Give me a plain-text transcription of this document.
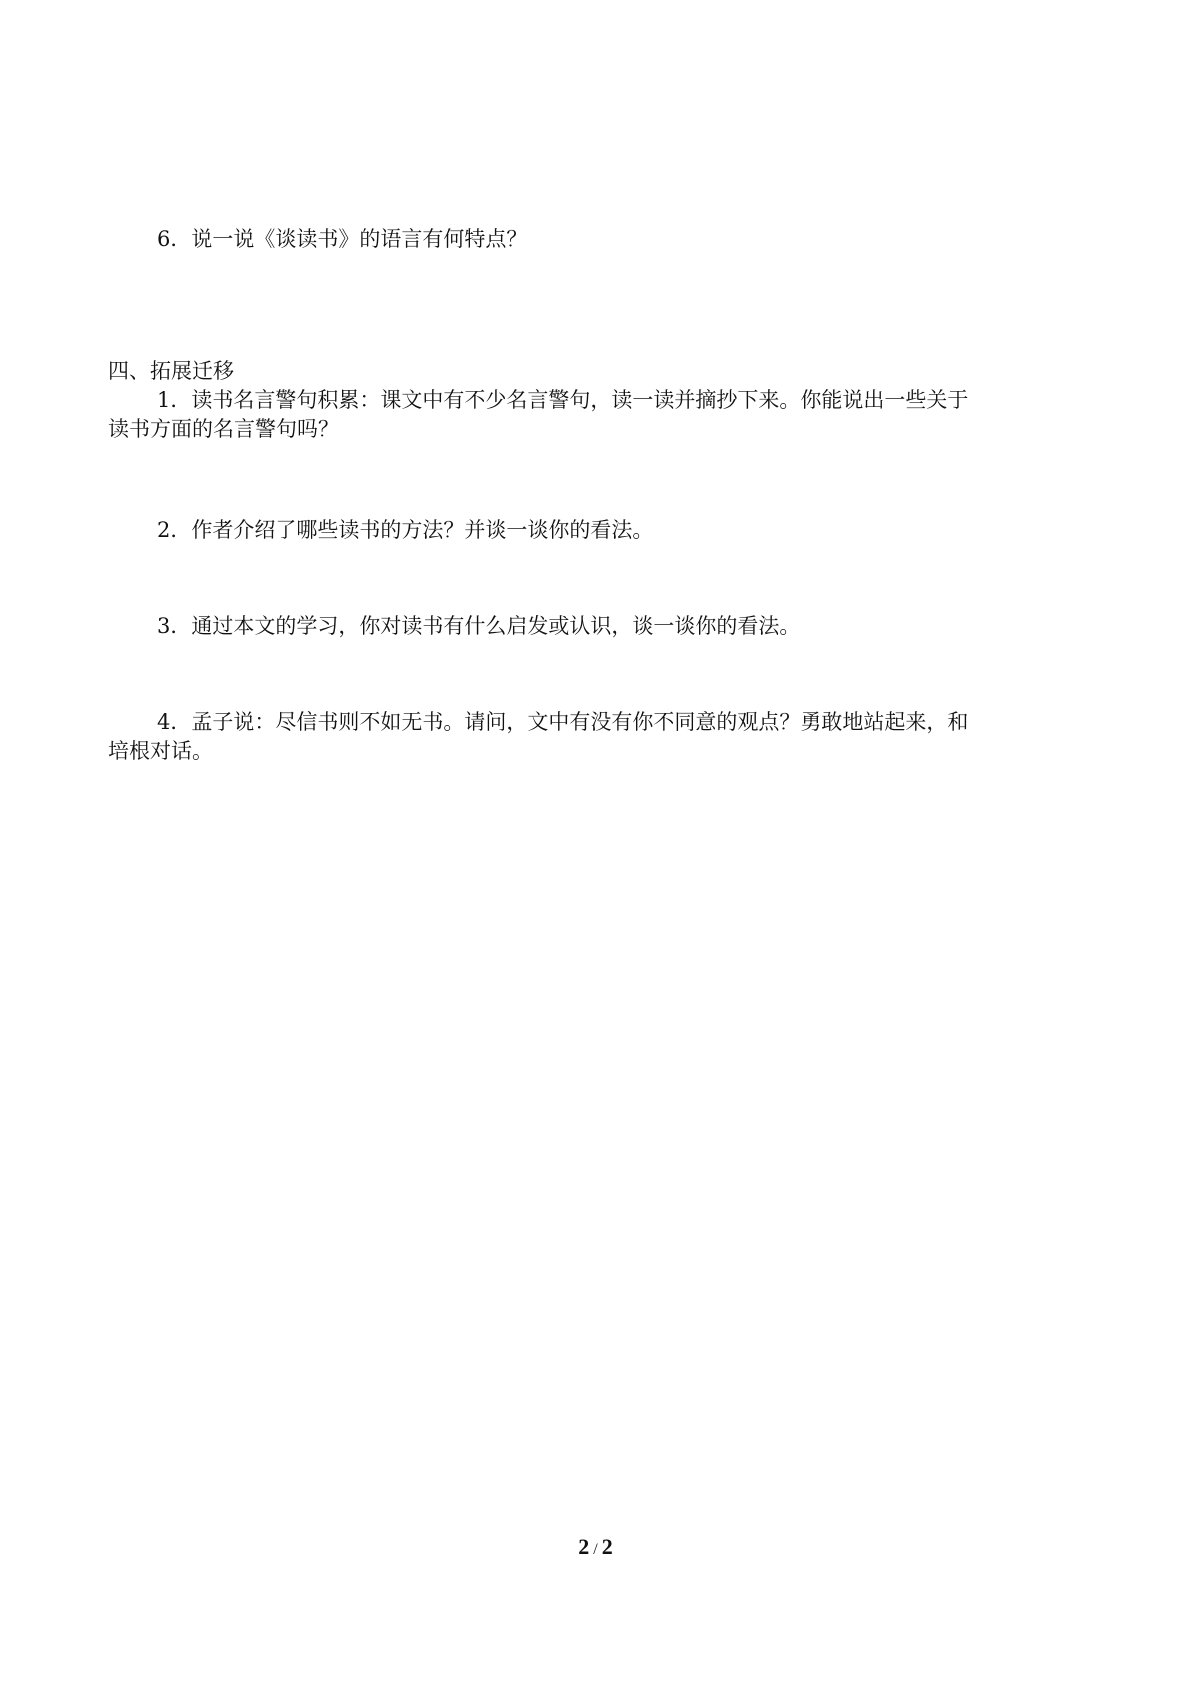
6．说一说《谈读书》的语言有何特点？
四、拓展迁移
1．读书名言警句积累：课文中有不少名言警句，读一读并摘抄下来。你能说出一些关于
读书方面的名言警句吗？
2．作者介绍了哪些读书的方法？并谈一谈你的看法。
3．通过本文的学习，你对读书有什么启发或认识，谈一谈你的看法。
4．孟子说：尽信书则不如无书。请问，文中有没有你不同意的观点？勇敢地站起来，和
培根对话。
2 / 2
